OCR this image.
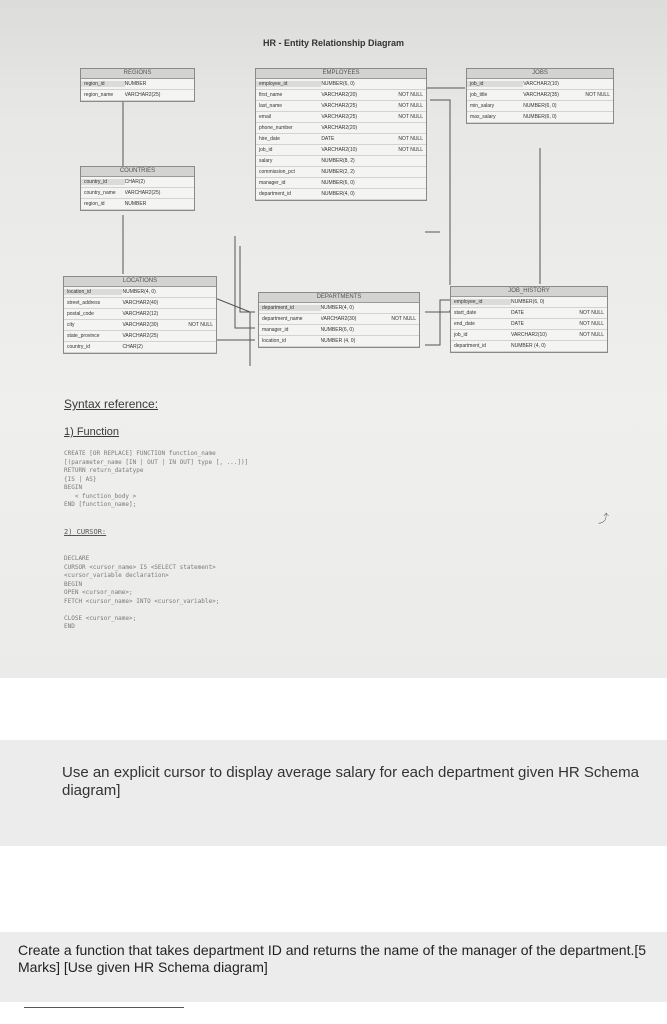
HR - Entity Relationship Diagram
REGIONS
region_id	NUMBER
region_name	VARCHAR2(25)
COUNTRIES
country_id	CHAR(2)
country_name	VARCHAR2(25)
region_id	NUMBER
LOCATIONS
location_id	NUMBER(4, 0)
street_address	VARCHAR2(40)
postal_code	VARCHAR2(12)
city	VARCHAR2(30)	NOT NULL
state_province	VARCHAR2(25)
country_id	CHAR(2)
EMPLOYEES
employee_id	NUMBER(6, 0)
first_name	VARCHAR2(20)	NOT NULL
last_name	VARCHAR2(25)	NOT NULL
email	VARCHAR2(25)	NOT NULL
phone_number	VARCHAR2(20)
hire_date	DATE	NOT NULL
job_id	VARCHAR2(10)	NOT NULL
salary	NUMBER(8, 2)
commission_pct	NUMBER(2, 2)
manager_id	NUMBER(6, 0)
department_id	NUMBER(4, 0)
DEPARTMENTS
department_id	NUMBER(4, 0)
department_name	VARCHAR2(30)	NOT NULL
manager_id	NUMBER(6, 0)
location_id	NUMBER (4, 0)
JOBS
job_id	VARCHAR2(10)
job_title	VARCHAR2(35)	NOT NULL
min_salary	NUMBER(6, 0)
max_salary	NUMBER(6, 0)
JOB_HISTORY
employee_id	NUMBER(6, 0)
start_date	DATE	NOT NULL
end_date	DATE	NOT NULL
job_id	VARCHAR2(10)	NOT NULL
department_id	NUMBER (4, 0)
Syntax reference:
1) Function
CREATE [OR REPLACE] FUNCTION function_name
[(parameter_name [IN | OUT | IN OUT] type [, ...])]
RETURN return_datatype
{IS | AS}
BEGIN
< function_body >
END [function_name];
2) CURSOR:
DECLARE
CURSOR <cursor_name> IS <SELECT statement>
<cursor_variable declaration>
BEGIN
OPEN <cursor_name>;
FETCH <cursor_name> INTO <cursor_variable>;

CLOSE <cursor_name>;
END
⤴
Use an explicit cursor to display average salary for each department given HR Schema diagram]
Create a function that takes department ID and returns the name of the manager of the department.[5 Marks] [Use given HR Schema diagram]
